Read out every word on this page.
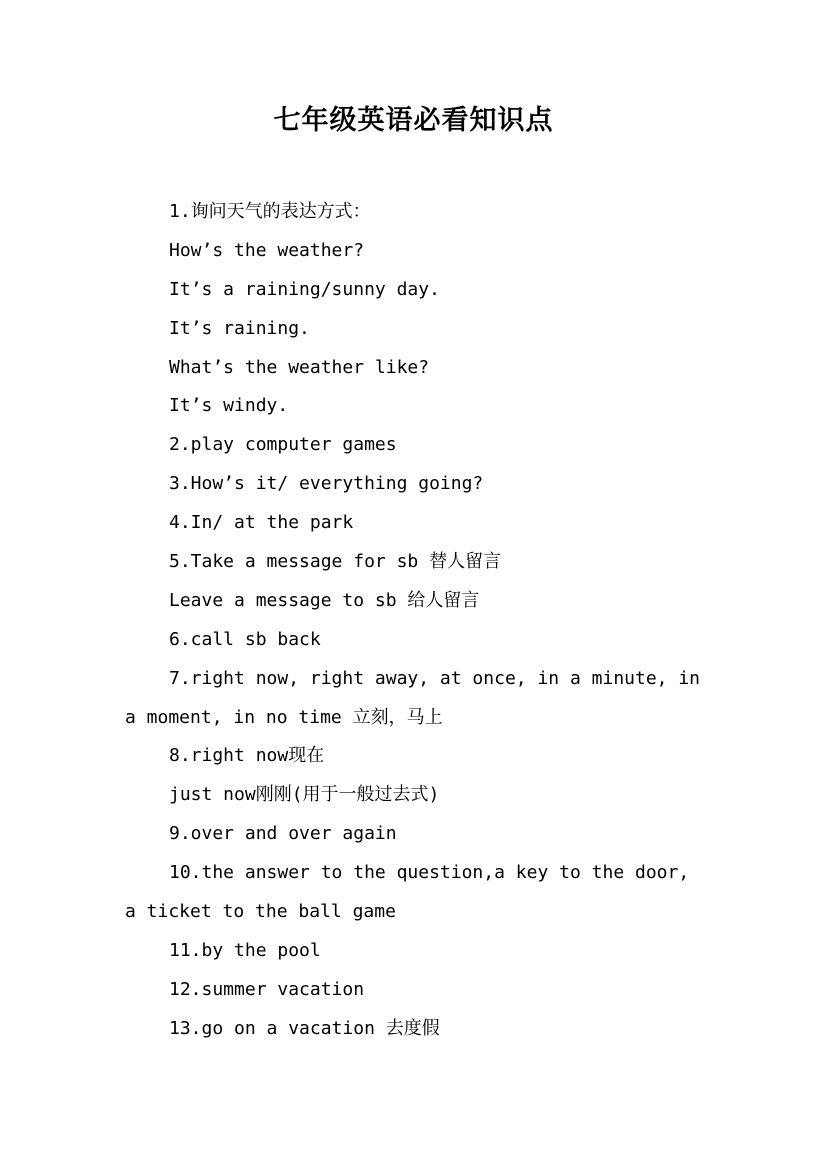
七年级英语必看知识点
1.询问天气的表达方式：
How’s the weather?
It’s a raining/sunny day.
It’s raining.
What’s the weather like?
It’s windy.
2.play computer games
3.How’s it/ everything going?
4.In/ at the park
5.Take a message for sb 替人留言
Leave a message to sb 给人留言
6.call sb back
7.right now, right away, at once, in a minute, in
a moment, in no time 立刻，马上
8.right now现在
just now刚刚(用于一般过去式)
9.over and over again
10.the answer to the question,a key to the door,
a ticket to the ball game
11.by the pool
12.summer vacation
13.go on a vacation 去度假
